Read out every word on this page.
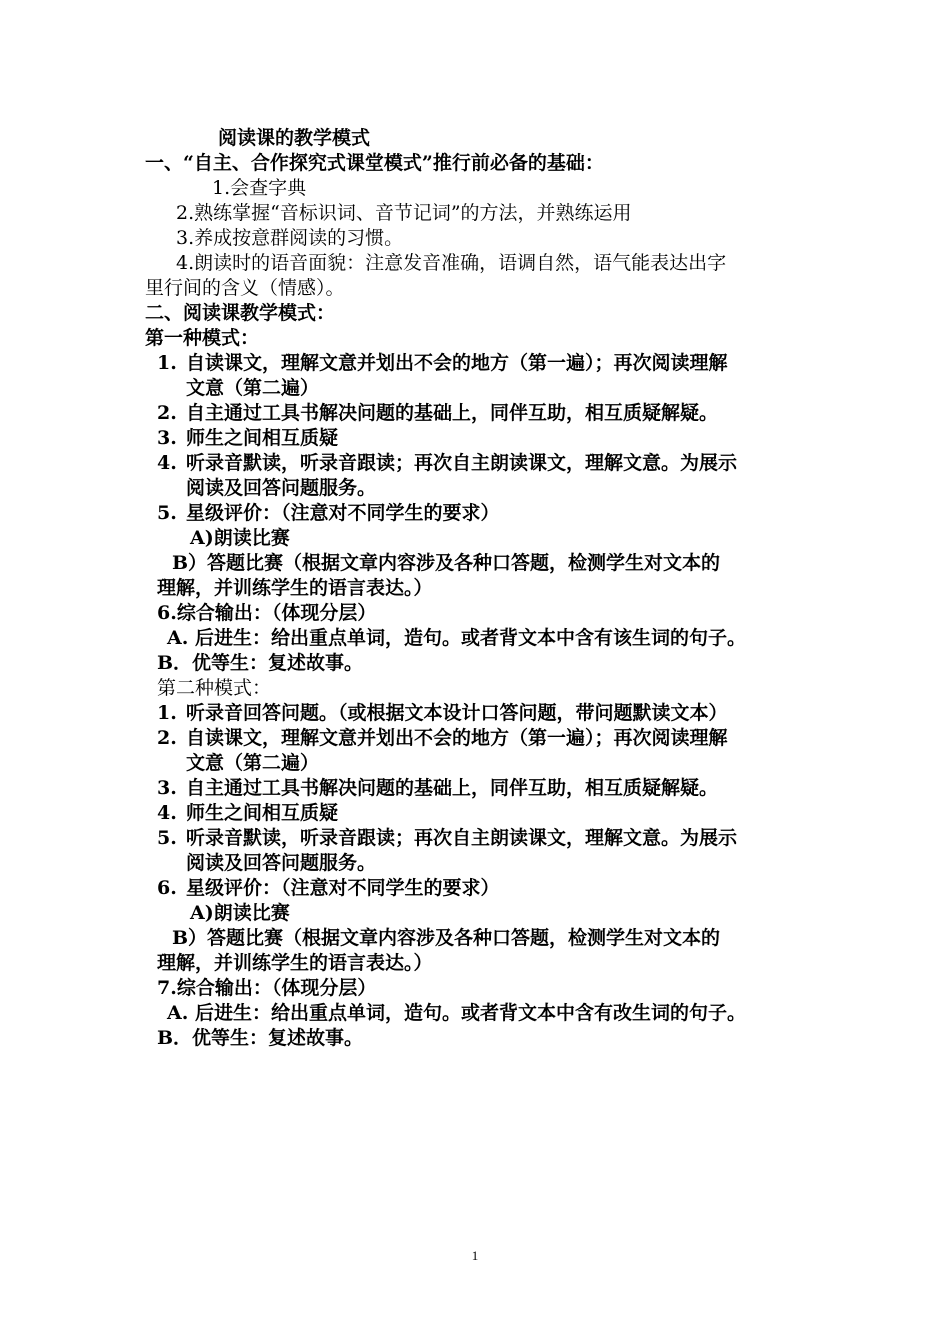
阅读课的教学模式
一、“自主、合作探究式课堂模式”推行前必备的基础：
1.会查字典
2.熟练掌握“音标识词、音节记词”的方法，并熟练运用
3.养成按意群阅读的习惯。
4.朗读时的语音面貌：注意发音准确，语调自然，语气能表达出字
里行间的含义（情感）。
二、阅读课教学模式：
第一种模式：
1. 自读课文，理解文意并划出不会的地方（第一遍）；再次阅读理解
文意（第二遍）
2. 自主通过工具书解决问题的基础上，同伴互助，相互质疑解疑。
3. 师生之间相互质疑
4. 听录音默读，听录音跟读；再次自主朗读课文，理解文意。为展示
阅读及回答问题服务。
5. 星级评价：（注意对不同学生的要求）
A)朗读比赛
B）答题比赛（根据文章内容涉及各种口答题，检测学生对文本的
理解，并训练学生的语言表达。）
6.综合输出：（体现分层）
A. 后进生：给出重点单词，造句。或者背文本中含有该生词的句子。
B．优等生：复述故事。
第二种模式：
1. 听录音回答问题。（或根据文本设计口答问题，带问题默读文本）
2. 自读课文，理解文意并划出不会的地方（第一遍）；再次阅读理解
文意（第二遍）
3. 自主通过工具书解决问题的基础上，同伴互助，相互质疑解疑。
4. 师生之间相互质疑
5. 听录音默读，听录音跟读；再次自主朗读课文，理解文意。为展示
阅读及回答问题服务。
6. 星级评价：（注意对不同学生的要求）
A)朗读比赛
B）答题比赛（根据文章内容涉及各种口答题，检测学生对文本的
理解，并训练学生的语言表达。）
7.综合输出：（体现分层）
A. 后进生：给出重点单词，造句。或者背文本中含有改生词的句子。
B．优等生：复述故事。
1
